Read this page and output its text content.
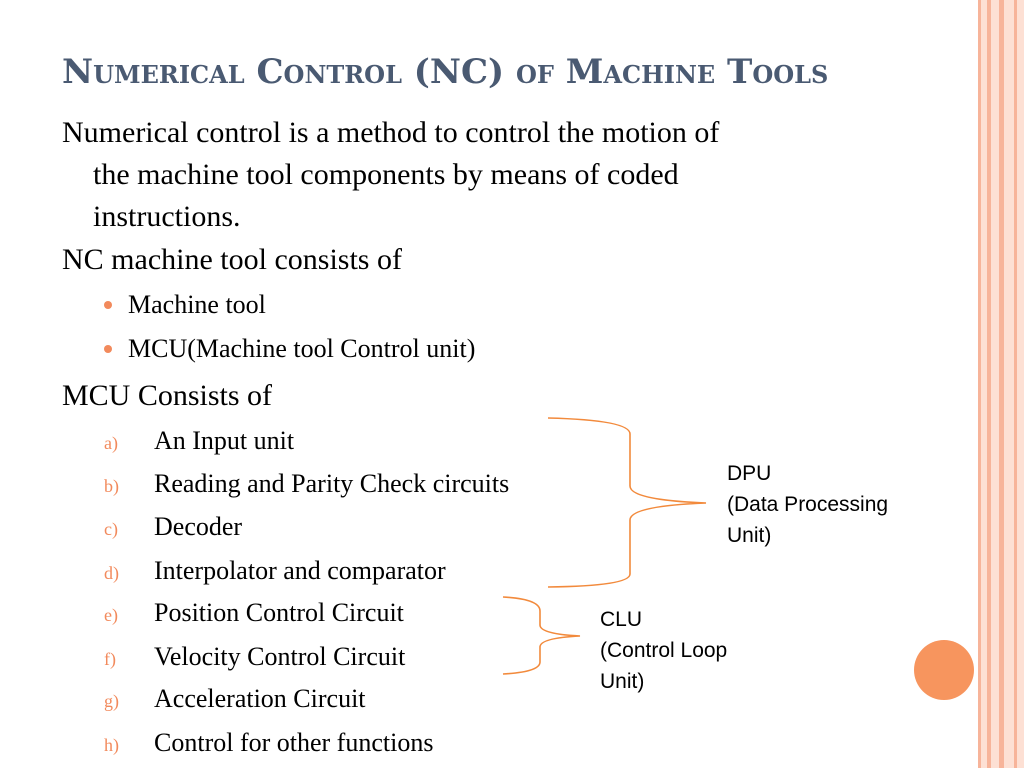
Numerical Control (NC) of Machine Tools
Numerical control is a method to control the motion of
the machine tool components by means of coded
instructions.
NC machine tool consists of
Machine tool
MCU(Machine tool Control unit)
MCU Consists of
a) An Input unit
b) Reading and Parity Check circuits
c) Decoder
d) Interpolator and comparator
e) Position Control Circuit
f) Velocity Control Circuit
g) Acceleration Circuit
h) Control for other functions
DPU
(Data Processing
Unit)
CLU
(Control Loop
Unit)
